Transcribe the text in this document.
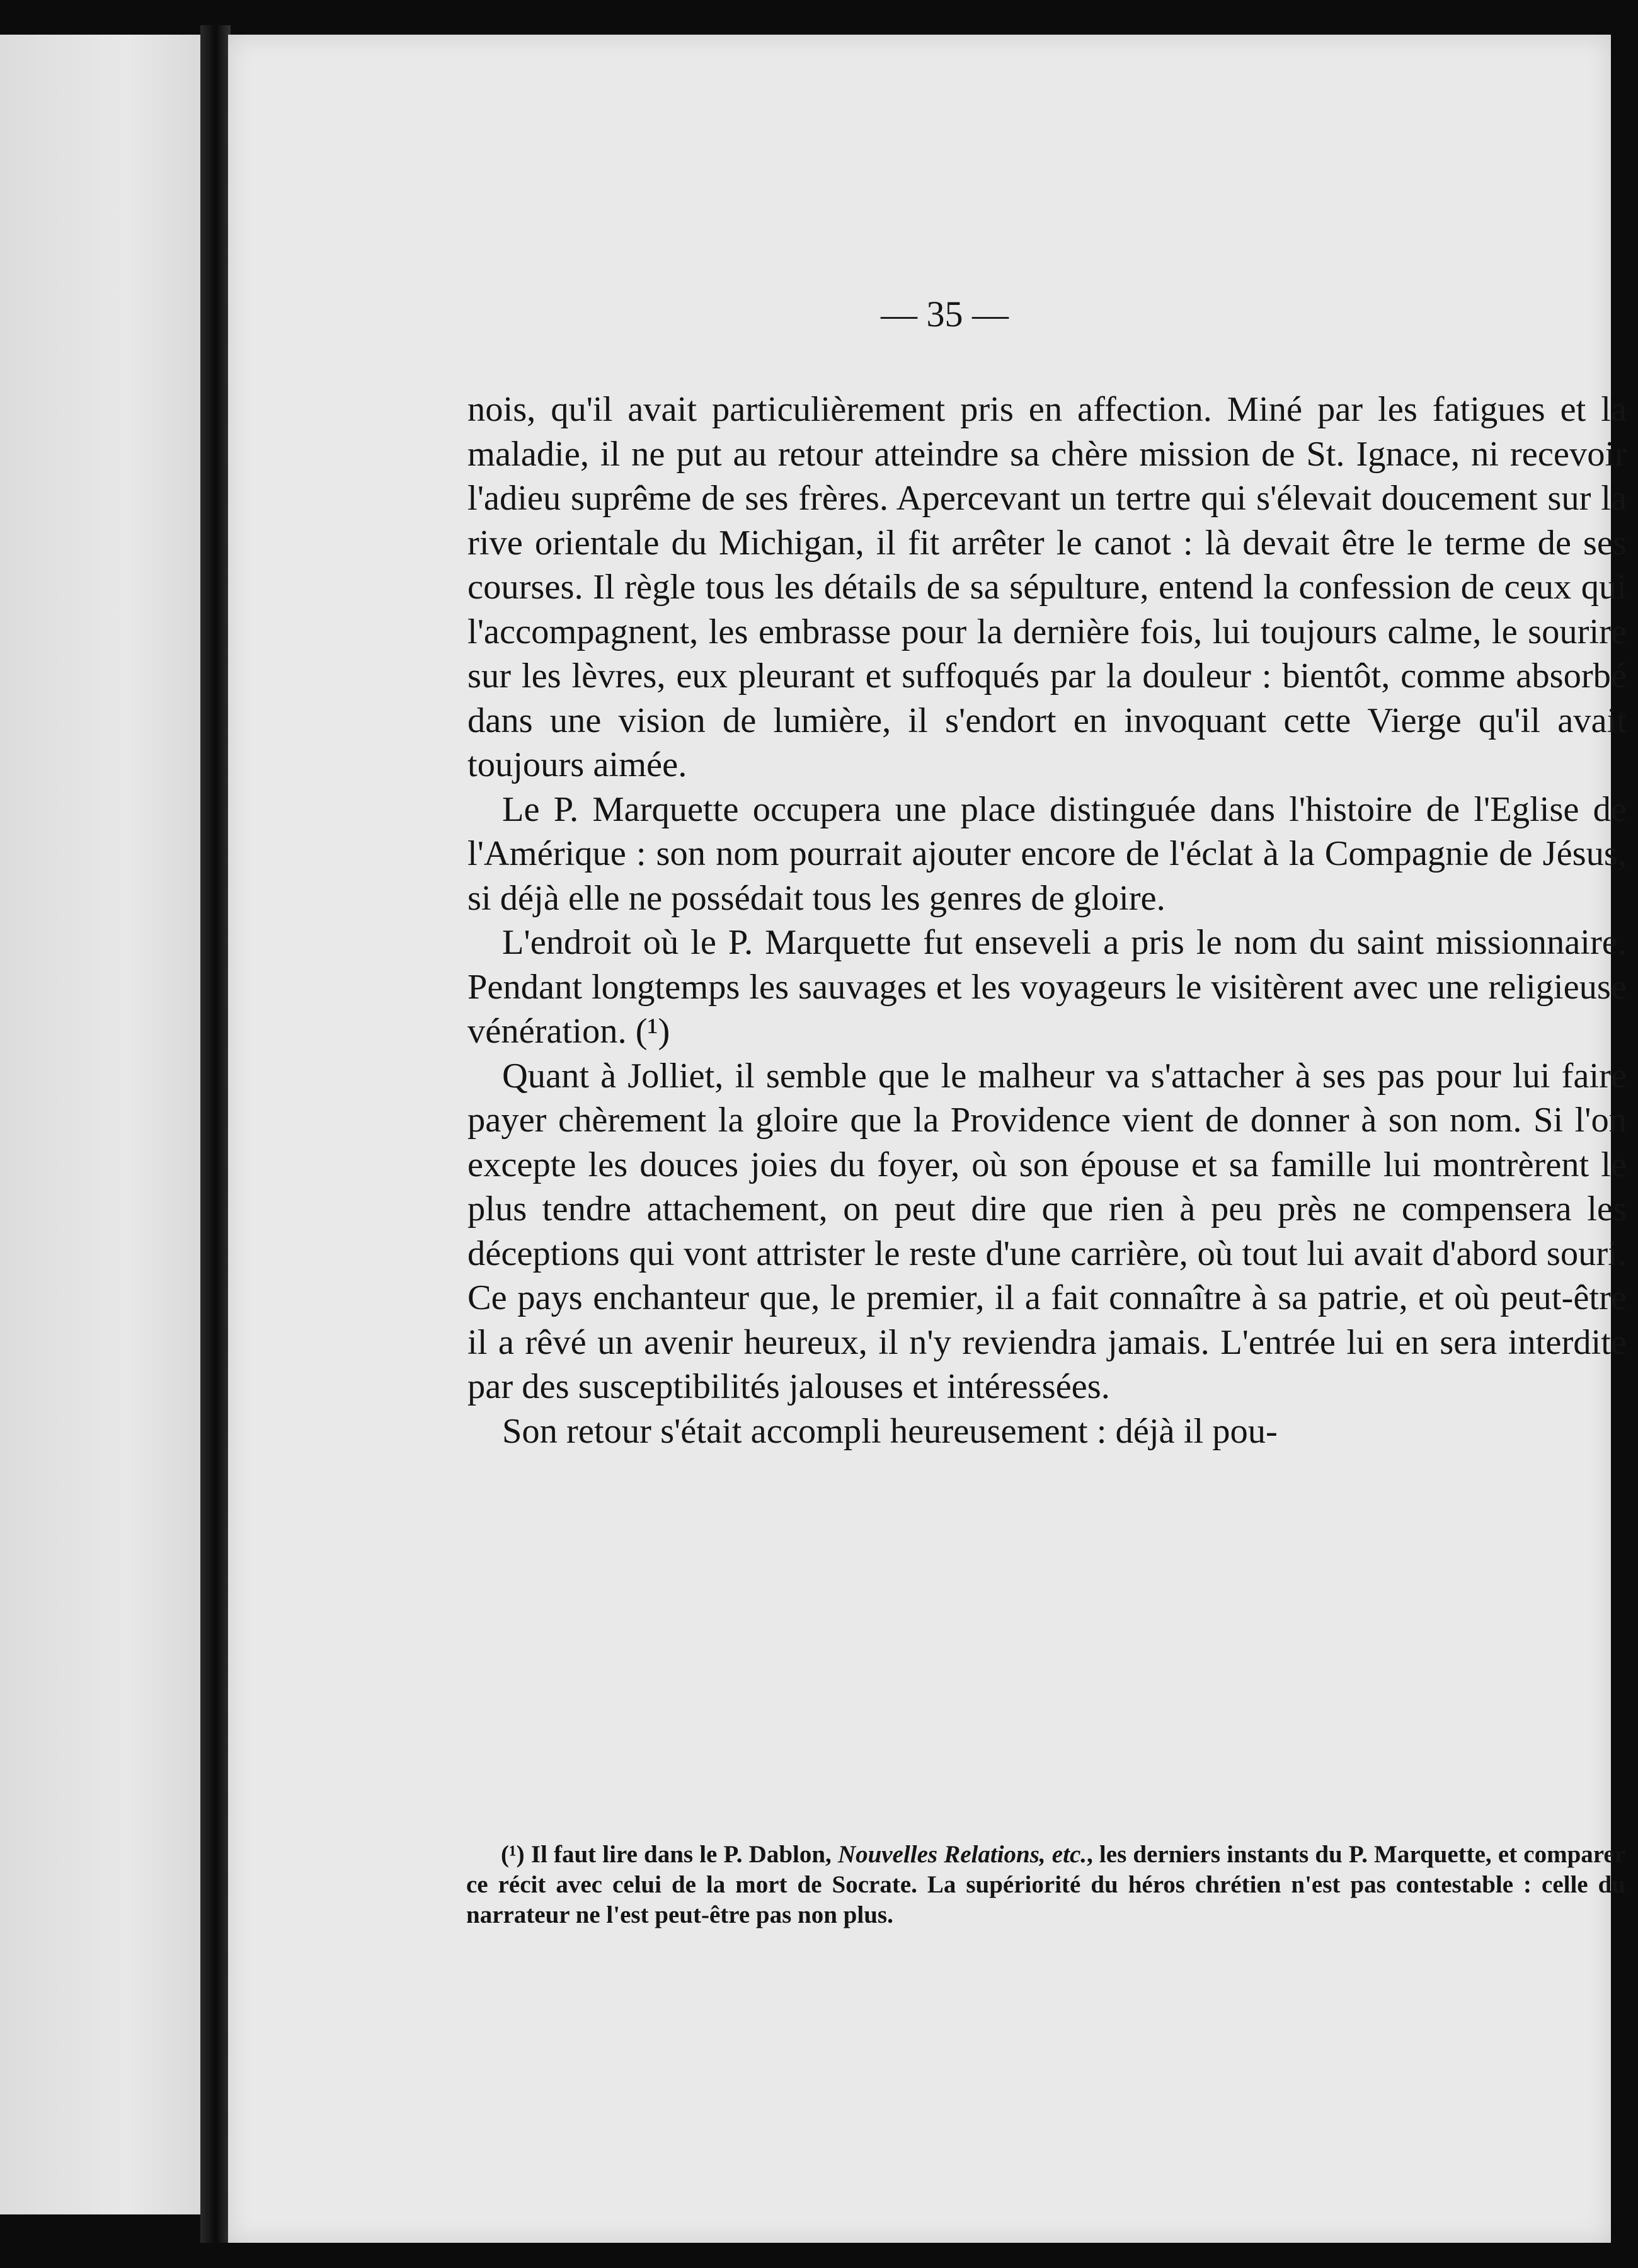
— 35 —

nois, qu'il avait particulièrement pris en affection. Miné par les fatigues et la maladie, il ne put au retour atteindre sa chère mission de St. Ignace, ni recevoir l'adieu suprême de ses frères. Apercevant un tertre qui s'élevait doucement sur la rive orientale du Michigan, il fit arrêter le canot : là devait être le terme de ses courses. Il règle tous les détails de sa sépulture, entend la confession de ceux qui l'accompagnent, les embrasse pour la dernière fois, lui toujours calme, le sourire sur les lèvres, eux pleurant et suffoqués par la douleur : bientôt, comme absorbé dans une vision de lumière, il s'endort en invoquant cette Vierge qu'il avait toujours aimée.

Le P. Marquette occupera une place distinguée dans l'histoire de l'Eglise de l'Amérique : son nom pourrait ajouter encore de l'éclat à la Compagnie de Jésus, si déjà elle ne possédait tous les genres de gloire.

L'endroit où le P. Marquette fut enseveli a pris le nom du saint missionnaire. Pendant longtemps les sauvages et les voyageurs le visitèrent avec une religieuse vénération. (¹)

Quant à Jolliet, il semble que le malheur va s'attacher à ses pas pour lui faire payer chèrement la gloire que la Providence vient de donner à son nom. Si l'on excepte les douces joies du foyer, où son épouse et sa famille lui montrèrent le plus tendre attachement, on peut dire que rien à peu près ne compensera les déceptions qui vont attrister le reste d'une carrière, où tout lui avait d'abord souri. Ce pays enchanteur que, le premier, il a fait connaître à sa patrie, et où peut-être il a rêvé un avenir heureux, il n'y reviendra jamais. L'entrée lui en sera interdite par des susceptibilités jalouses et intéressées.

Son retour s'était accompli heureusement : déjà il pou-

(¹) Il faut lire dans le P. Dablon, Nouvelles Relations, etc., les derniers instants du P. Marquette, et comparer ce récit avec celui de la mort de Socrate. La supériorité du héros chrétien n'est pas contestable : celle du narrateur ne l'est peut-être pas non plus.
